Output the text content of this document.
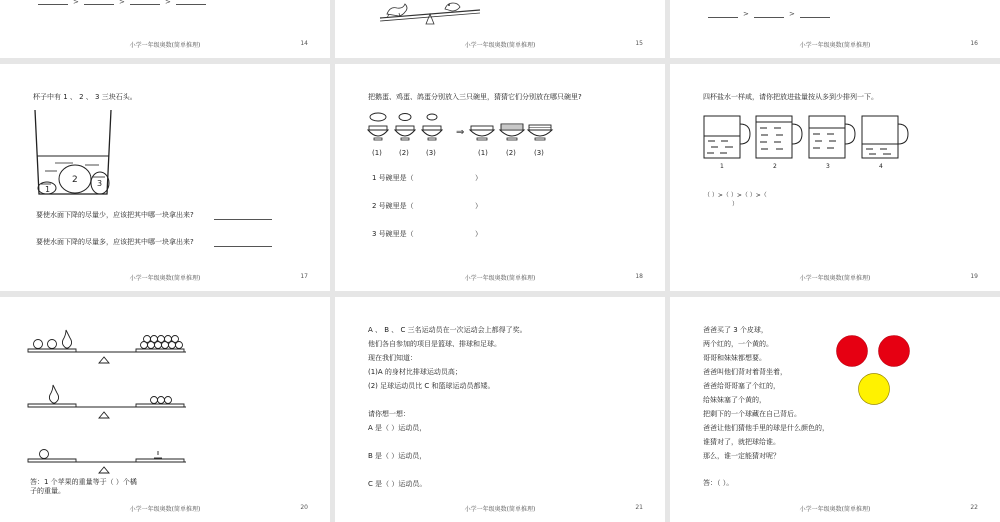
>	>	>
小学一年级奥数(简单推理)	14	小学一年级奥数(简单推理)	15
>	>
小学一年级奥数(简单推理)	16
杯子中有 1 、 2 、 3 三块石头。
1
2 3
要使水面下降的尽量少，应该把其中哪一块拿出来?
要使水面下降的尽量多，应该把其中哪一块拿出来?
小学一年级奥数(简单推理)	17
把鹅蛋、鸡蛋、鸽蛋分别放入三只碗里，猜猜它们分别放在哪只碗里?
⇒
(1) (2) (3)	(1)	(2)	(3)
1 号碗里是（	）
2 号碗里是（	）
3 号碗里是（	）
小学一年级奥数(简单推理)	18
四杯盐水一样咸，请你把放进盐量按从多到少排列一下。
1	2	3	4
（ ）>（ ）>（ ）>（
）
小学一年级奥数(简单推理)	19
答：1 个苹果的重量等于（ ）个橘
子的重量。
小学一年级奥数(简单推理)	20
A 、 B 、 C 三名运动员在一次运动会上都得了奖。
他们各自参加的项目是篮球、排球和足球。
现在我们知道：
(1)A 的身材比排球运动员高；
(2) 足球运动员比 C 和篮球运动员都矮。
请你想一想：
A 是（ ）运动员，
B 是（ ）运动员，
C 是（ ）运动员。
小学一年级奥数(简单推理)	21
爸爸买了 3 个皮球，
两个红的，一个黄的。
哥哥和妹妹都想要。
爸爸叫他们背对着背坐着，
爸爸给哥哥塞了个红的，
给妹妹塞了个黄的，
把剩下的一个球藏在自己背后。
爸爸让他们猜他手里的球是什么颜色的，
谁猜对了，就把球给谁。
那么，谁一定能猜对呢？
答：（ ）。
小学一年级奥数(简单推理)	22
